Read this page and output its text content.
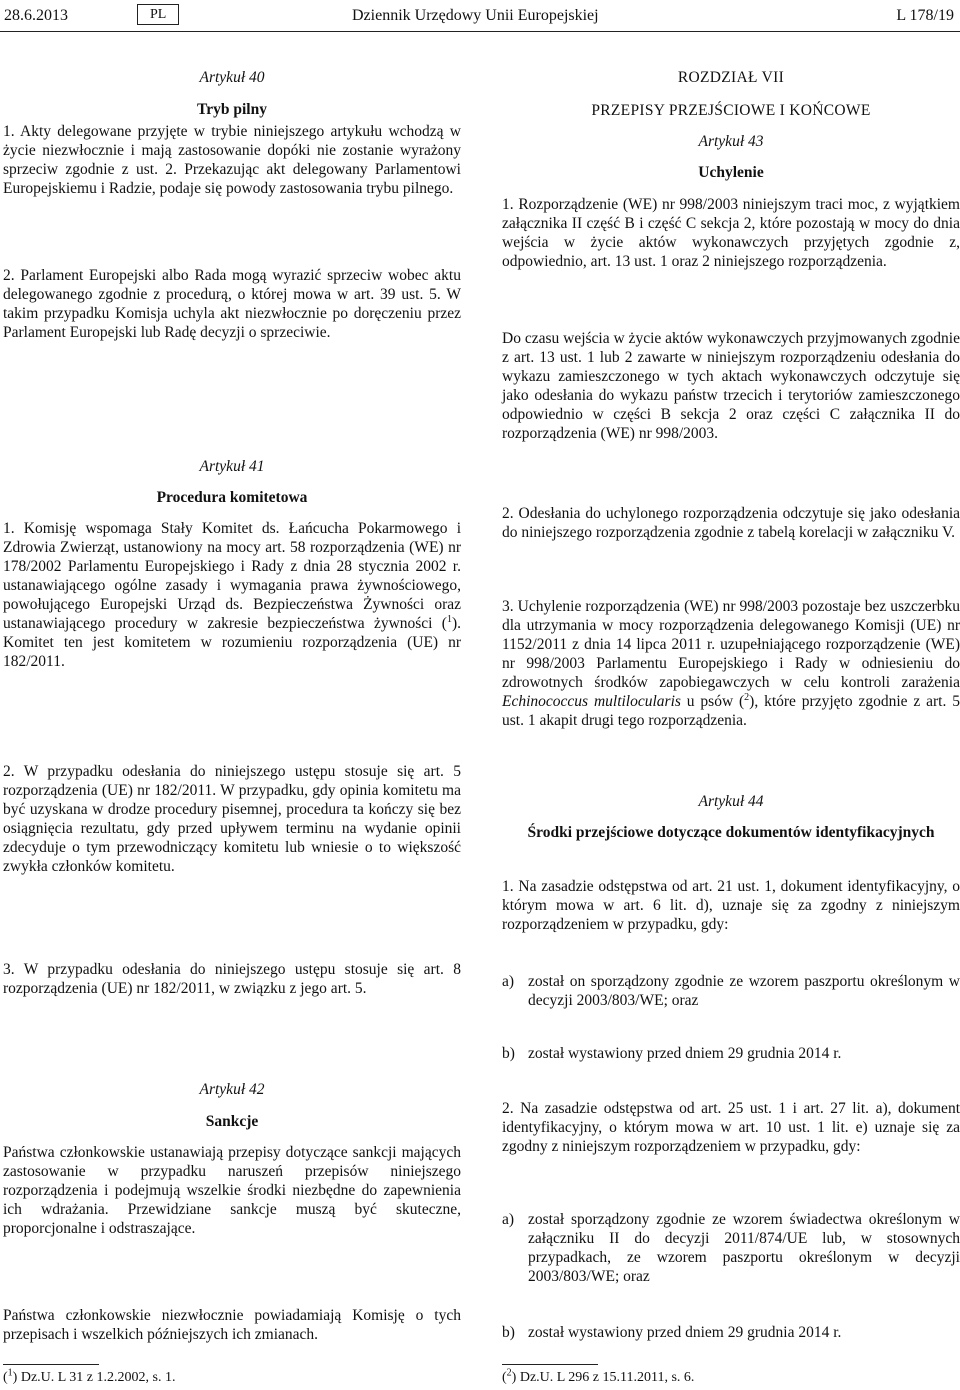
28.6.2013	PL	Dziennik Urzędowy Unii Europejskiej	L 178/19

Artykuł 40

Tryb pilny

1. Akty delegowane przyjęte w trybie niniejszego artykułu wchodzą w życie niezwłocznie i mają zastosowanie dopóki nie zostanie wyrażony sprzeciw zgodnie z ust. 2. Przekazując akt delegowany Parlamentowi Europejskiemu i Radzie, podaje się powody zastosowania trybu pilnego.

2. Parlament Europejski albo Rada mogą wyrazić sprzeciw wobec aktu delegowanego zgodnie z procedurą, o której mowa w art. 39 ust. 5. W takim przypadku Komisja uchyla akt niezwłocznie po doręczeniu przez Parlament Europejski lub Radę decyzji o sprzeciwie.

Artykuł 41

Procedura komitetowa

1. Komisję wspomaga Stały Komitet ds. Łańcucha Pokarmowego i Zdrowia Zwierząt, ustanowiony na mocy art. 58 rozporządzenia (WE) nr 178/2002 Parlamentu Europejskiego i Rady z dnia 28 stycznia 2002 r. ustanawiającego ogólne zasady i wymagania prawa żywnościowego, powołującego Europejski Urząd ds. Bezpieczeństwa Żywności oraz ustanawiającego procedury w zakresie bezpieczeństwa żywności ($^1$). Komitet ten jest komitetem w rozumieniu rozporządzenia (UE) nr 182/2011.

2. W przypadku odesłania do niniejszego ustępu stosuje się art. 5 rozporządzenia (UE) nr 182/2011. W przypadku, gdy opinia komitetu ma być uzyskana w drodze procedury pisemnej, procedura ta kończy się bez osiągnięcia rezultatu, gdy przed upływem terminu na wydanie opinii zdecyduje o tym przewodniczący komitetu lub wniesie o to większość zwykła członków komitetu.

3. W przypadku odesłania do niniejszego ustępu stosuje się art. 8 rozporządzenia (UE) nr 182/2011, w związku z jego art. 5.

Artykuł 42

Sankcje

Państwa członkowskie ustanawiają przepisy dotyczące sankcji mających zastosowanie w przypadku naruszeń przepisów niniejszego rozporządzenia i podejmują wszelkie środki niezbędne do zapewnienia ich wdrażania. Przewidziane sankcje muszą być skuteczne, proporcjonalne i odstraszające.

Państwa członkowskie niezwłocznie powiadamiają Komisję o tych przepisach i wszelkich późniejszych ich zmianach.

($^1$) Dz.U. L 31 z 1.2.2002, s. 1.

ROZDZIAŁ VII

PRZEPISY PRZEJŚCIOWE I KOŃCOWE

Artykuł 43

Uchylenie

1. Rozporządzenie (WE) nr 998/2003 niniejszym traci moc, z wyjątkiem załącznika II część B i część C sekcja 2, które pozostają w mocy do dnia wejścia w życie aktów wykonawczych przyjętych zgodnie z, odpowiednio, art. 13 ust. 1 oraz 2 niniejszego rozporządzenia.

Do czasu wejścia w życie aktów wykonawczych przyjmowanych zgodnie z art. 13 ust. 1 lub 2 zawarte w niniejszym rozporządzeniu odesłania do wykazu zamieszczonego w tych aktach wykonawczych odczytuje się jako odesłania do wykazu państw trzecich i terytoriów zamieszczonego odpowiednio w części B sekcja 2 oraz części C załącznika II do rozporządzenia (WE) nr 998/2003.

2. Odesłania do uchylonego rozporządzenia odczytuje się jako odesłania do niniejszego rozporządzenia zgodnie z tabelą korelacji w załączniku V.

3. Uchylenie rozporządzenia (WE) nr 998/2003 pozostaje bez uszczerbku dla utrzymania w mocy rozporządzenia delegowanego Komisji (UE) nr 1152/2011 z dnia 14 lipca 2011 r. uzupełniającego rozporządzenie (WE) nr 998/2003 Parlamentu Europejskiego i Rady w odniesieniu do zdrowotnych środków zapobiegawczych w celu kontroli zarażenia Echinococcus multilocularis u psów ($^2$), które przyjęto zgodnie z art. 5 ust. 1 akapit drugi tego rozporządzenia.

Artykuł 44

Środki przejściowe dotyczące dokumentów identyfikacyjnych

1. Na zasadzie odstępstwa od art. 21 ust. 1, dokument identyfikacyjny, o którym mowa w art. 6 lit. d), uznaje się za zgodny z niniejszym rozporządzeniem w przypadku, gdy:

a) został on sporządzony zgodnie ze wzorem paszportu określonym w decyzji 2003/803/WE; oraz
b) został wystawiony przed dniem 29 grudnia 2014 r.

2. Na zasadzie odstępstwa od art. 25 ust. 1 i art. 27 lit. a), dokument identyfikacyjny, o którym mowa w art. 10 ust. 1 lit. e) uznaje się za zgodny z niniejszym rozporządzeniem w przypadku, gdy:

a) został sporządzony zgodnie ze wzorem świadectwa określonym w załączniku II do decyzji 2011/874/UE lub, w stosownych przypadkach, ze wzorem paszportu określonym w decyzji 2003/803/WE; oraz
b) został wystawiony przed dniem 29 grudnia 2014 r.

($^2$) Dz.U. L 296 z 15.11.2011, s. 6.
